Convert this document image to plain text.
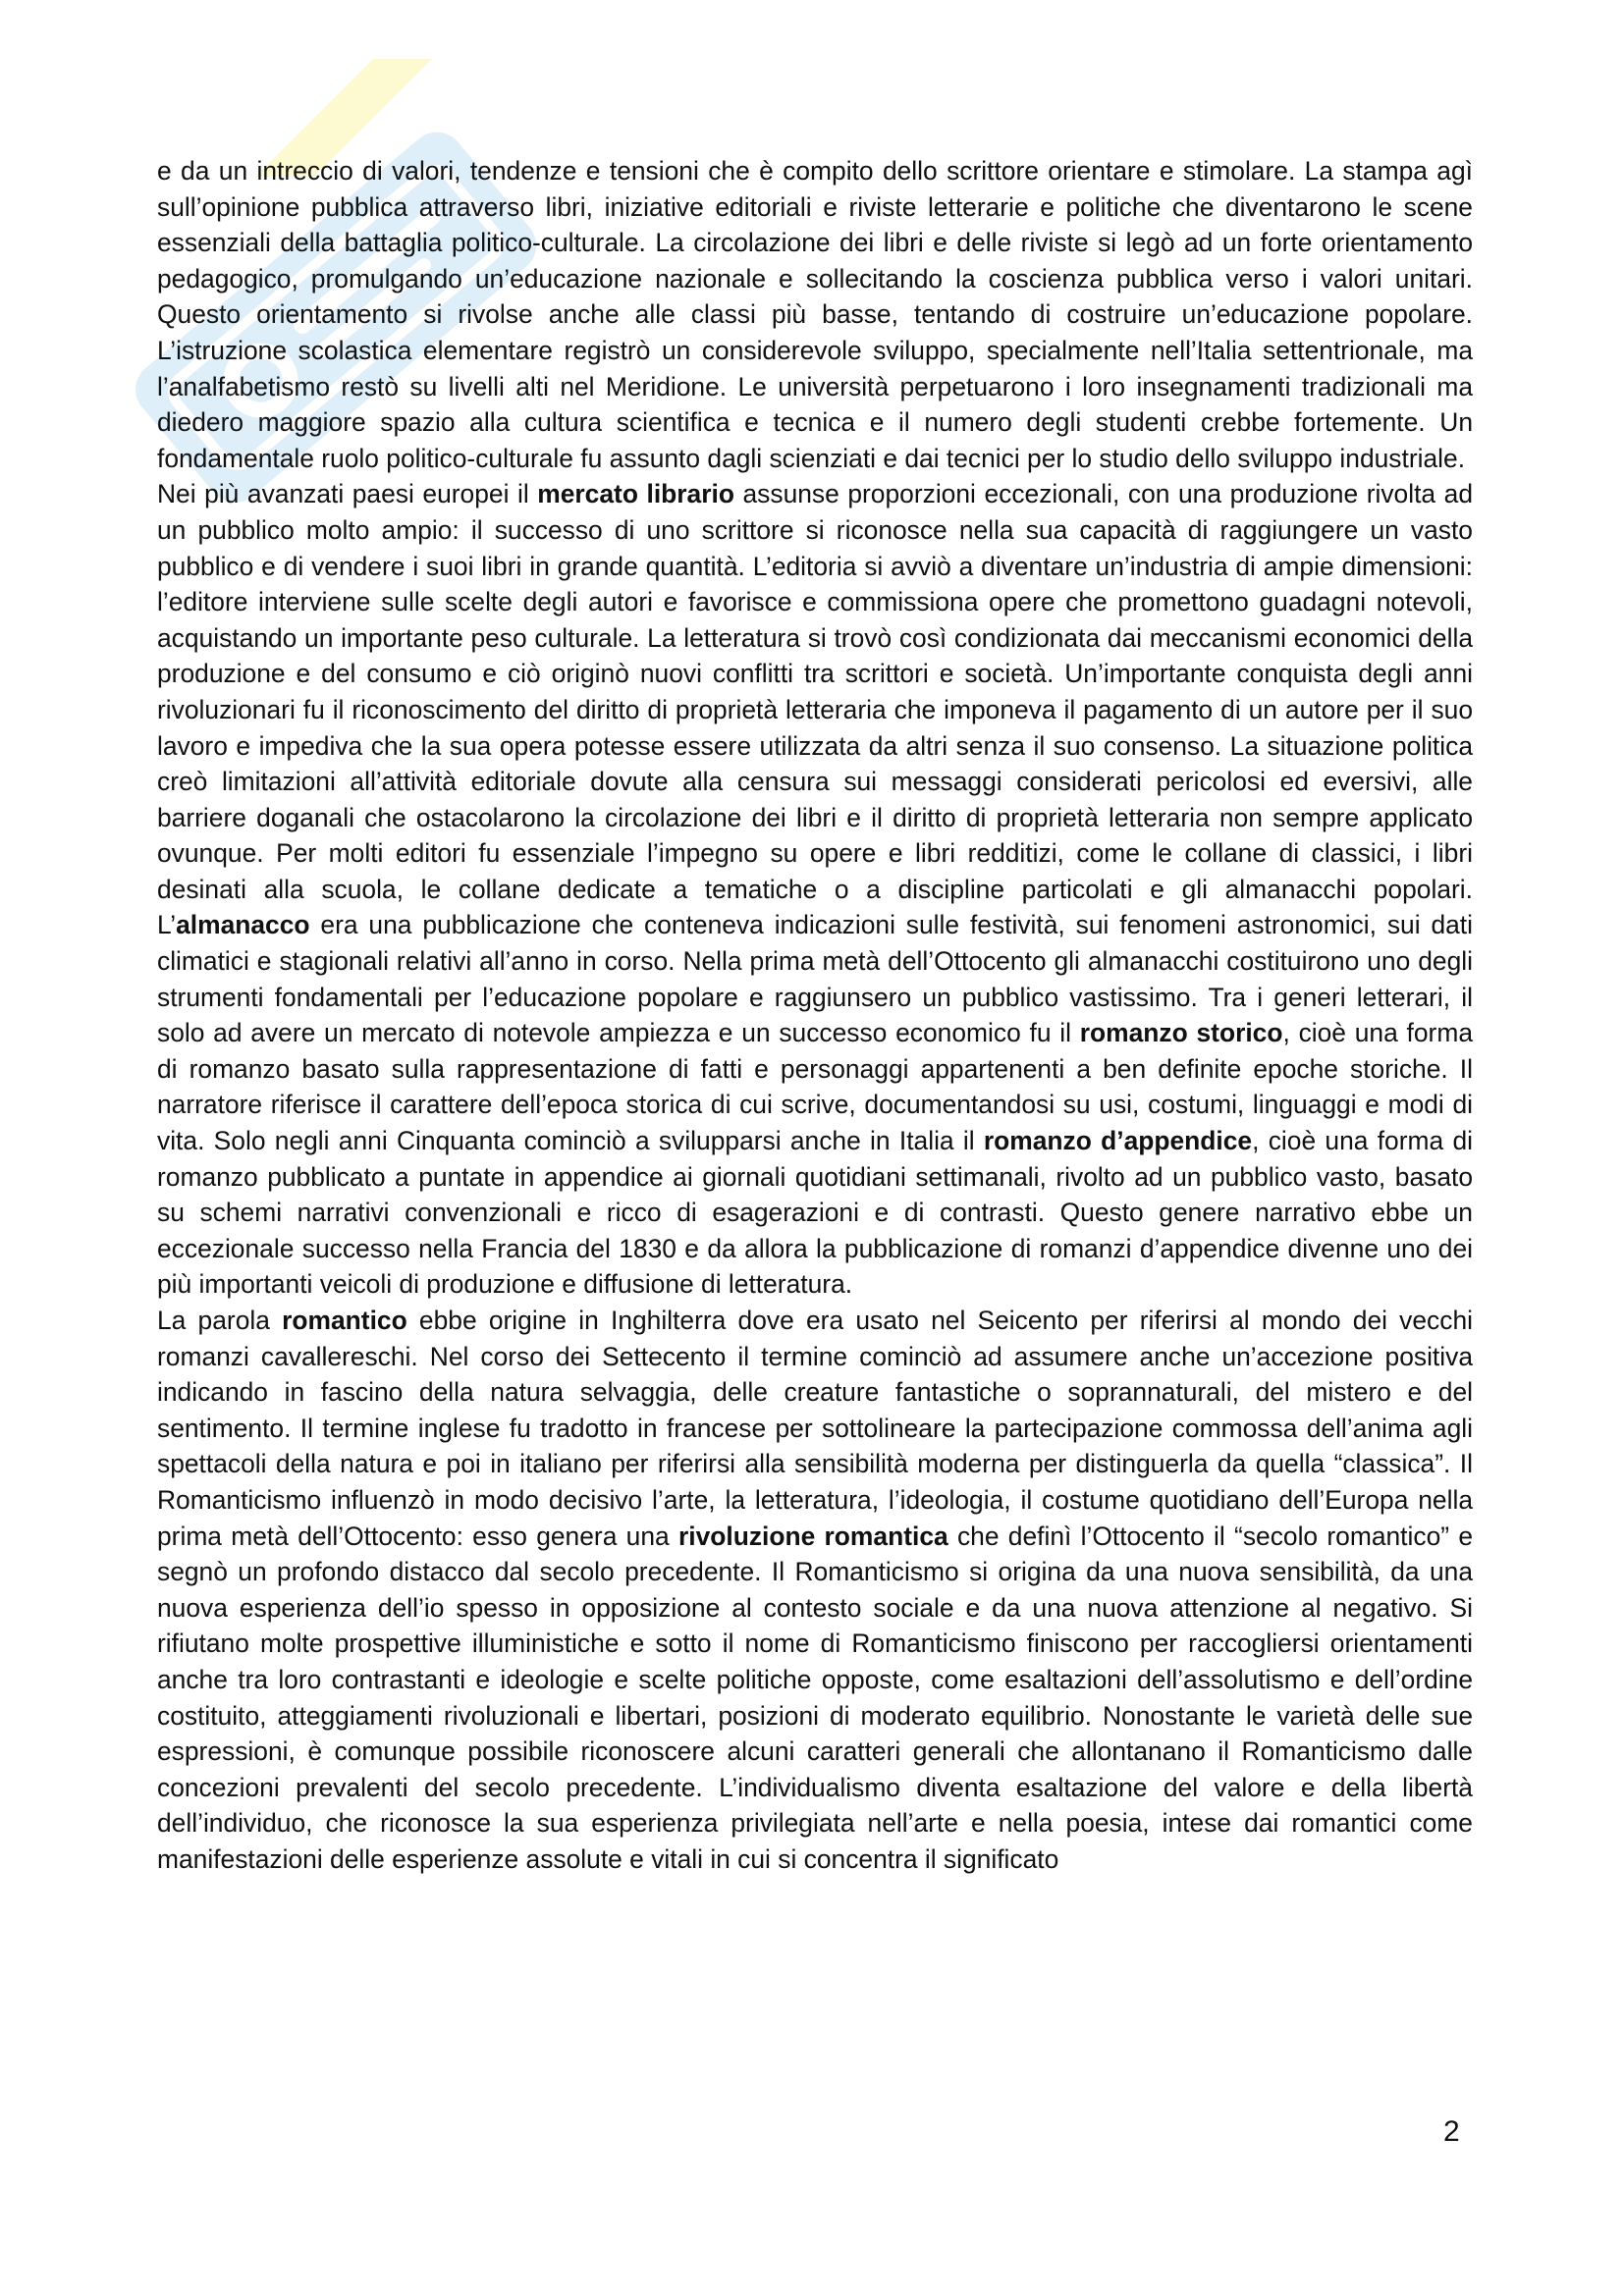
e da un intreccio di valori, tendenze e tensioni che è compito dello scrittore orientare e stimolare. La stampa agì sull’opinione pubblica attraverso libri, iniziative editoriali e riviste letterarie e politiche che diventarono le scene essenziali della battaglia politico-culturale. La circolazione dei libri e delle riviste si legò ad un forte orientamento pedagogico, promulgando un’educazione nazionale e sollecitando la coscienza pubblica verso i valori unitari. Questo orientamento si rivolse anche alle classi più basse, tentando di costruire un’educazione popolare. L’istruzione scolastica elementare registrò un considerevole sviluppo, specialmente nell’Italia settentrionale, ma l’analfabetismo restò su livelli alti nel Meridione. Le università perpetuarono i loro insegnamenti tradizionali ma diedero maggiore spazio alla cultura scientifica e tecnica e il numero degli studenti crebbe fortemente. Un fondamentale ruolo politico-culturale fu assunto dagli scienziati e dai tecnici per lo studio dello sviluppo industriale.

Nei più avanzati paesi europei il mercato librario assunse proporzioni eccezionali, con una produzione rivolta ad un pubblico molto ampio: il successo di uno scrittore si riconosce nella sua capacità di raggiungere un vasto pubblico e di vendere i suoi libri in grande quantità. L’editoria si avviò a diventare un’industria di ampie dimensioni: l’editore interviene sulle scelte degli autori e favorisce e commissiona opere che promettono guadagni notevoli, acquistando un importante peso culturale. La letteratura si trovò così condizionata dai meccanismi economici della produzione e del consumo e ciò originò nuovi conflitti tra scrittori e società. Un’importante conquista degli anni rivoluzionari fu il riconoscimento del diritto di proprietà letteraria che imponeva il pagamento di un autore per il suo lavoro e impediva che la sua opera potesse essere utilizzata da altri senza il suo consenso. La situazione politica creò limitazioni all’attività editoriale dovute alla censura sui messaggi considerati pericolosi ed eversivi, alle barriere doganali che ostacolarono la circolazione dei libri e il diritto di proprietà letteraria non sempre applicato ovunque. Per molti editori fu essenziale l’impegno su opere e libri redditizi, come le collane di classici, i libri desinati alla scuola, le collane dedicate a tematiche o a discipline particolati e gli almanacchi popolari. L’almanacco era una pubblicazione che conteneva indicazioni sulle festività, sui fenomeni astronomici, sui dati climatici e stagionali relativi all’anno in corso. Nella prima metà dell’Ottocento gli almanacchi costituirono uno degli strumenti fondamentali per l’educazione popolare e raggiunsero un pubblico vastissimo. Tra i generi letterari, il solo ad avere un mercato di notevole ampiezza e un successo economico fu il romanzo storico, cioè una forma di romanzo basato sulla rappresentazione di fatti e personaggi appartenenti a ben definite epoche storiche. Il narratore riferisce il carattere dell’epoca storica di cui scrive, documentandosi su usi, costumi, linguaggi e modi di vita. Solo negli anni Cinquanta cominciò a svilupparsi anche in Italia il romanzo d’appendice, cioè una forma di romanzo pubblicato a puntate in appendice ai giornali quotidiani settimanali, rivolto ad un pubblico vasto, basato su schemi narrativi convenzionali e ricco di esagerazioni e di contrasti. Questo genere narrativo ebbe un eccezionale successo nella Francia del 1830 e da allora la pubblicazione di romanzi d’appendice divenne uno dei più importanti veicoli di produzione e diffusione di letteratura.

La parola romantico ebbe origine in Inghilterra dove era usato nel Seicento per riferirsi al mondo dei vecchi romanzi cavallereschi. Nel corso dei Settecento il termine cominciò ad assumere anche un’accezione positiva indicando in fascino della natura selvaggia, delle creature fantastiche o soprannaturali, del mistero e del sentimento. Il termine inglese fu tradotto in francese per sottolineare la partecipazione commossa dell’anima agli spettacoli della natura e poi in italiano per riferirsi alla sensibilità moderna per distinguerla da quella “classica”. Il Romanticismo influenzò in modo decisivo l’arte, la letteratura, l’ideologia, il costume quotidiano dell’Europa nella prima metà dell’Ottocento: esso genera una rivoluzione romantica che definì l’Ottocento il “secolo romantico” e segnò un profondo distacco dal secolo precedente. Il Romanticismo si origina da una nuova sensibilità, da una nuova esperienza dell’io spesso in opposizione al contesto sociale e da una nuova attenzione al negativo. Si rifiutano molte prospettive illuministiche e sotto il nome di Romanticismo finiscono per raccogliersi orientamenti anche tra loro contrastanti e ideologie e scelte politiche opposte, come esaltazioni dell’assolutismo e dell’ordine costituito, atteggiamenti rivoluzionali e libertari, posizioni di moderato equilibrio. Nonostante le varietà delle sue espressioni, è comunque possibile riconoscere alcuni caratteri generali che allontanano il Romanticismo dalle concezioni prevalenti del secolo precedente. L’individualismo diventa esaltazione del valore e della libertà dell’individuo, che riconosce la sua esperienza privilegiata nell’arte e nella poesia, intese dai romantici come manifestazioni delle esperienze assolute e vitali in cui si concentra il significato

2
